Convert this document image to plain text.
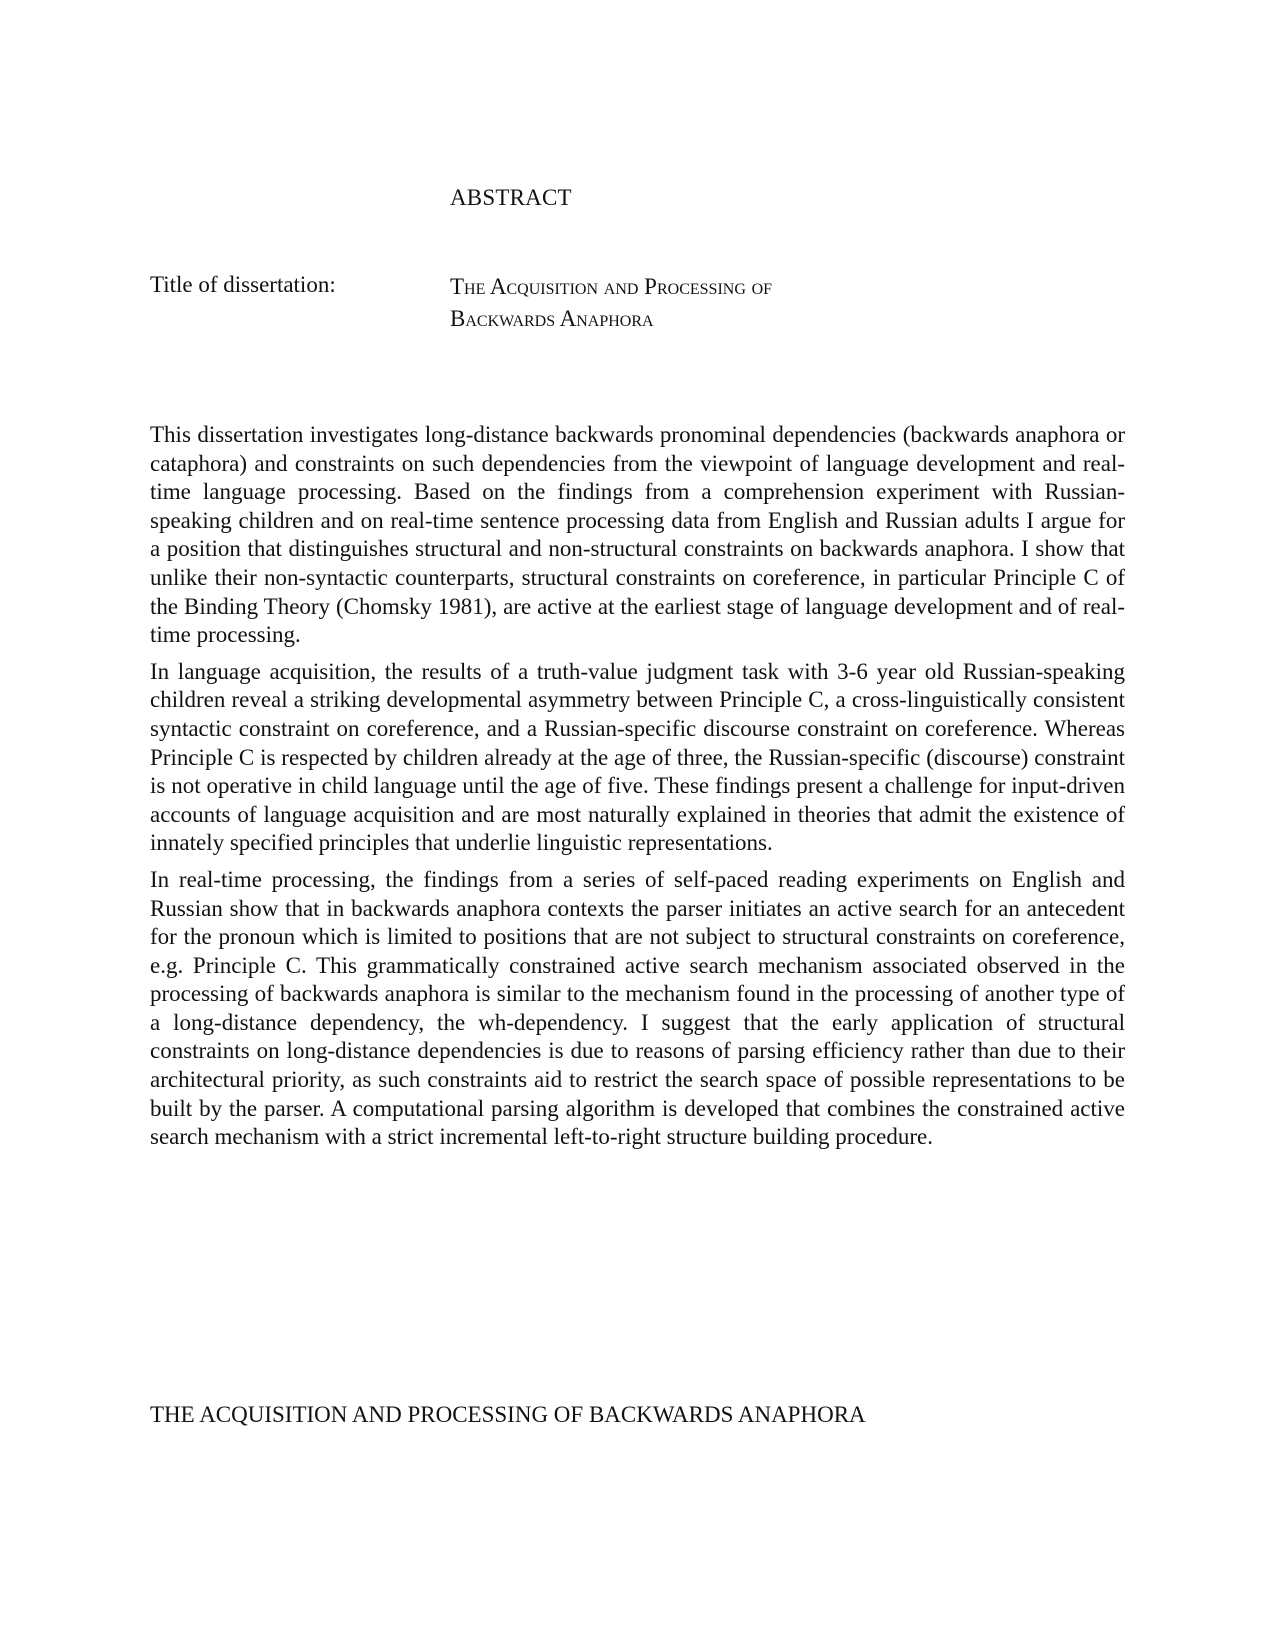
ABSTRACT
Title of dissertation:	The Acquisition and Processing of
Backwards Anaphora

This dissertation investigates long-distance backwards pronominal dependencies (backwards anaphora or cataphora) and constraints on such dependencies from the viewpoint of language development and real-time language processing. Based on the findings from a comprehension experiment with Russian-speaking children and on real-time sentence processing data from English and Russian adults I argue for a position that distinguishes structural and non-structural constraints on backwards anaphora. I show that unlike their non-syntactic counterparts, structural constraints on coreference, in particular Principle C of the Binding Theory (Chomsky 1981), are active at the earliest stage of language development and of real-time processing.

In language acquisition, the results of a truth-value judgment task with 3-6 year old Russian-speaking children reveal a striking developmental asymmetry between Principle C, a cross-linguistically consistent syntactic constraint on coreference, and a Russian-specific discourse constraint on coreference. Whereas Principle C is respected by children already at the age of three, the Russian-specific (discourse) constraint is not operative in child language until the age of five. These findings present a challenge for input-driven accounts of language acquisition and are most naturally explained in theories that admit the existence of innately specified principles that underlie linguistic representations.

In real-time processing, the findings from a series of self-paced reading experiments on English and Russian show that in backwards anaphora contexts the parser initiates an active search for an antecedent for the pronoun which is limited to positions that are not subject to structural constraints on coreference, e.g. Principle C. This grammatically constrained active search mechanism associated observed in the processing of backwards anaphora is similar to the mechanism found in the processing of another type of a long-distance dependency, the wh-dependency. I suggest that the early application of structural constraints on long-distance dependencies is due to reasons of parsing efficiency rather than due to their architectural priority, as such constraints aid to restrict the search space of possible representations to be built by the parser. A computational parsing algorithm is developed that combines the constrained active search mechanism with a strict incremental left-to-right structure building procedure.

THE ACQUISITION AND PROCESSING OF BACKWARDS ANAPHORA
